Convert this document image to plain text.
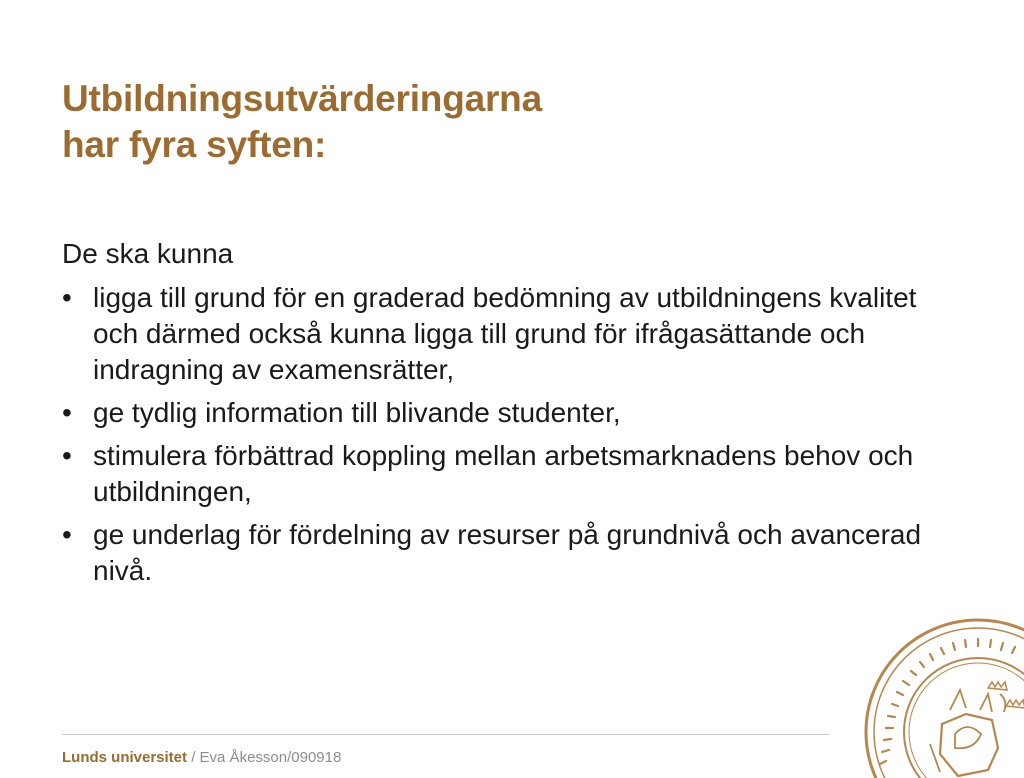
Utbildningsutvärderingarna
har fyra syften:

De ska kunna

• ligga till grund för en graderad bedömning av utbildningens kvalitet och därmed också kunna ligga till grund för ifrågasättande och indragning av examensrätter,
• ge tydlig information till blivande studenter,
• stimulera förbättrad koppling mellan arbetsmarknadens behov och utbildningen,
• ge underlag för fördelning av resurser på grundnivå och avancerad nivå.
Lunds universitet / Eva Åkesson/090918
